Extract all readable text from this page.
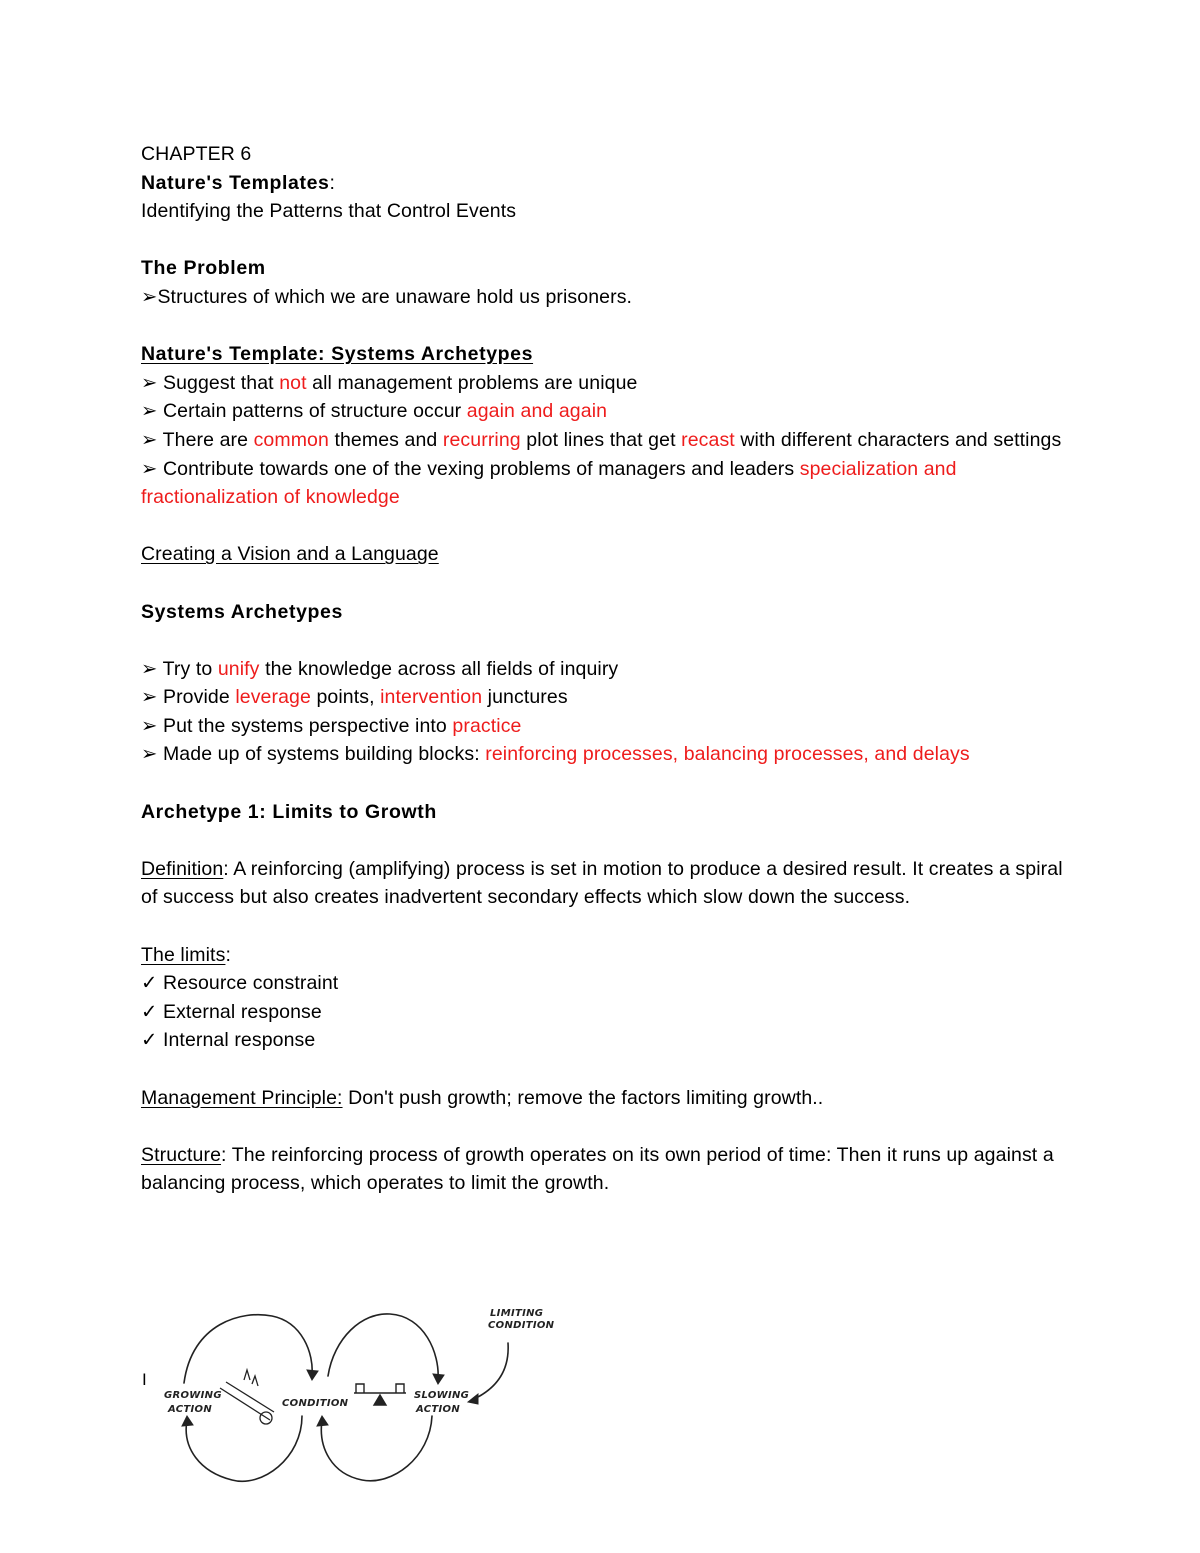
CHAPTER 6
Nature's Templates:
Identifying the Patterns that Control Events
The Problem
➢Structures of which we are unaware hold us prisoners.
Nature's Template: Systems Archetypes
➢ Suggest that not all management problems are unique
➢ Certain patterns of structure occur again and again
➢ There are common themes and recurring plot lines that get recast with different characters and settings
➢ Contribute towards one of the vexing problems of managers and leaders specialization and fractionalization of knowledge
Creating a Vision and a Language
Systems Archetypes
➢ Try to unify the knowledge across all fields of inquiry
➢ Provide leverage points, intervention junctures
➢ Put the systems perspective into practice
➢ Made up of systems building blocks: reinforcing processes, balancing processes, and delays
Archetype 1: Limits to Growth
Definition: A reinforcing (amplifying) process is set in motion to produce a desired result. It creates a spiral of success but also creates inadvertent secondary effects which slow down the success.
The limits:
✓ Resource constraint
✓ External response
✓ Internal response
Management Principle: Don't push growth; remove the factors limiting growth..
Structure: The reinforcing process of growth operates on its own period of time: Then it runs up against a balancing process, which operates to limit the growth.
I
GROWING
ACTION
CONDITION
SLOWING
ACTION
LIMITING
CONDITION
